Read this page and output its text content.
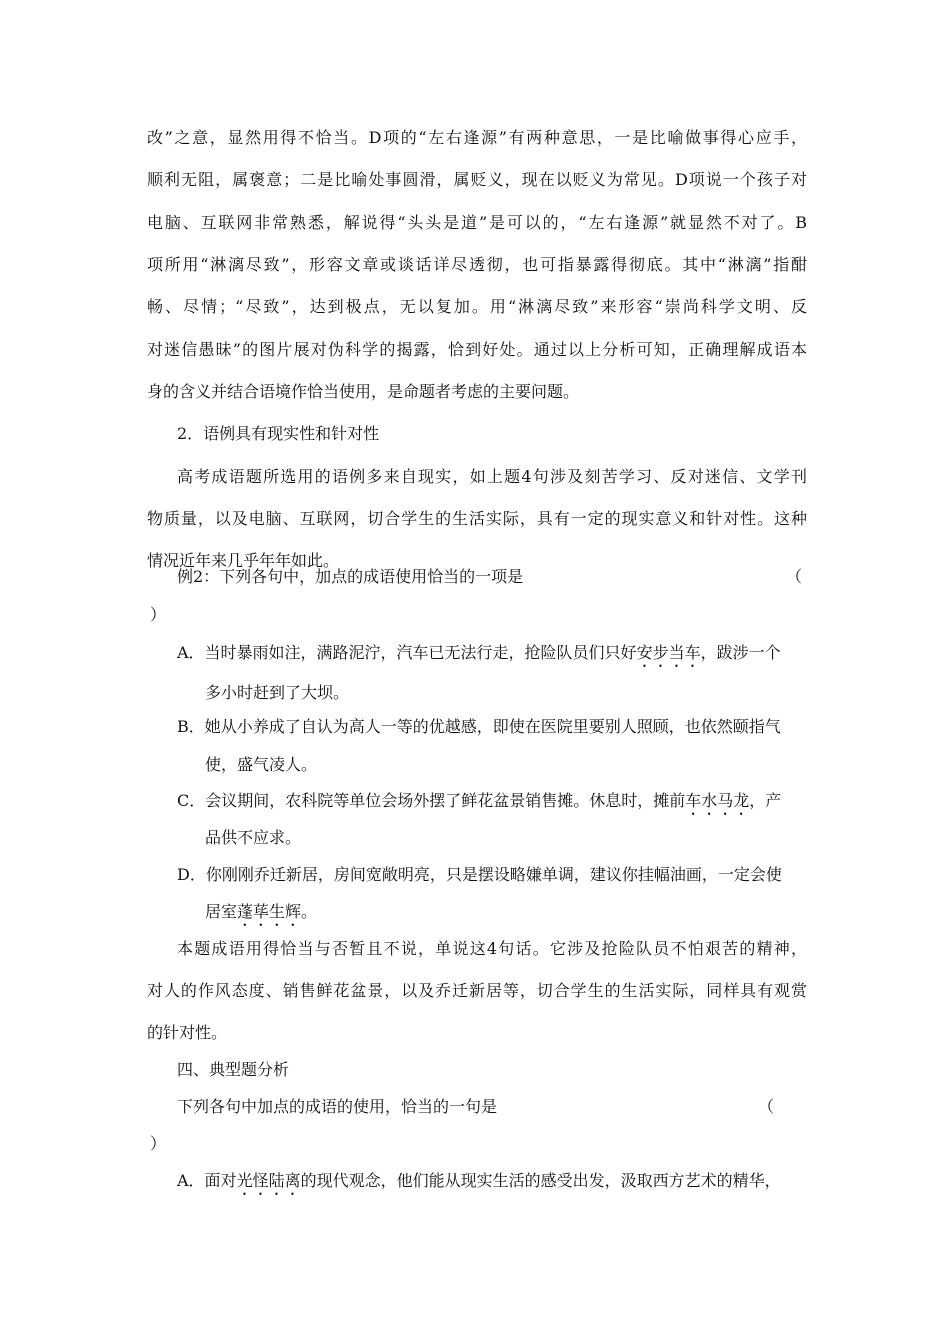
改”之意，显然用得不恰当。D项的“左右逢源”有两种意思，一是比喻做事得心应手，
顺利无阻，属褒意；二是比喻处事圆滑，属贬义，现在以贬义为常见。D项说一个孩子对
电脑、互联网非常熟悉，解说得“头头是道”是可以的，“左右逢源”就显然不对了。B
项所用“淋漓尽致”，形容文章或谈话详尽透彻，也可指暴露得彻底。其中“淋漓”指酣
畅、尽情；“尽致”，达到极点，无以复加。用“淋漓尽致”来形容“崇尚科学文明、反
对迷信愚昧”的图片展对伪科学的揭露，恰到好处。通过以上分析可知，正确理解成语本
身的含义并结合语境作恰当使用，是命题者考虑的主要问题。
2．语例具有现实性和针对性
高考成语题所选用的语例多来自现实，如上题4句涉及刻苦学习、反对迷信、文学刊
物质量，以及电脑、互联网，切合学生的生活实际，具有一定的现实意义和针对性。这种
情况近年来几乎年年如此。
例2：下列各句中，加点的成语使用恰当的一项是	（
）
A．当时暴雨如注，满路泥泞，汽车已无法行走，抢险队员们只好安步当车，跋涉一个
多小时赶到了大坝。
B．她从小养成了自认为高人一等的优越感，即使在医院里要别人照顾，也依然颐指气
使，盛气凌人。
C．会议期间，农科院等单位会场外摆了鲜花盆景销售摊。休息时，摊前车水马龙，产
品供不应求。
D．你刚刚乔迁新居，房间宽敞明亮，只是摆设略嫌单调，建议你挂幅油画，一定会使
居室蓬荜生辉。
本题成语用得恰当与否暂且不说，单说这4句话。它涉及抢险队员不怕艰苦的精神，
对人的作风态度、销售鲜花盆景，以及乔迁新居等，切合学生的生活实际，同样具有观赏
的针对性。
四、典型题分析
下列各句中加点的成语的使用，恰当的一句是	（
）
A．面对光怪陆离的现代观念，他们能从现实生活的感受出发，汲取西方艺术的精华，
